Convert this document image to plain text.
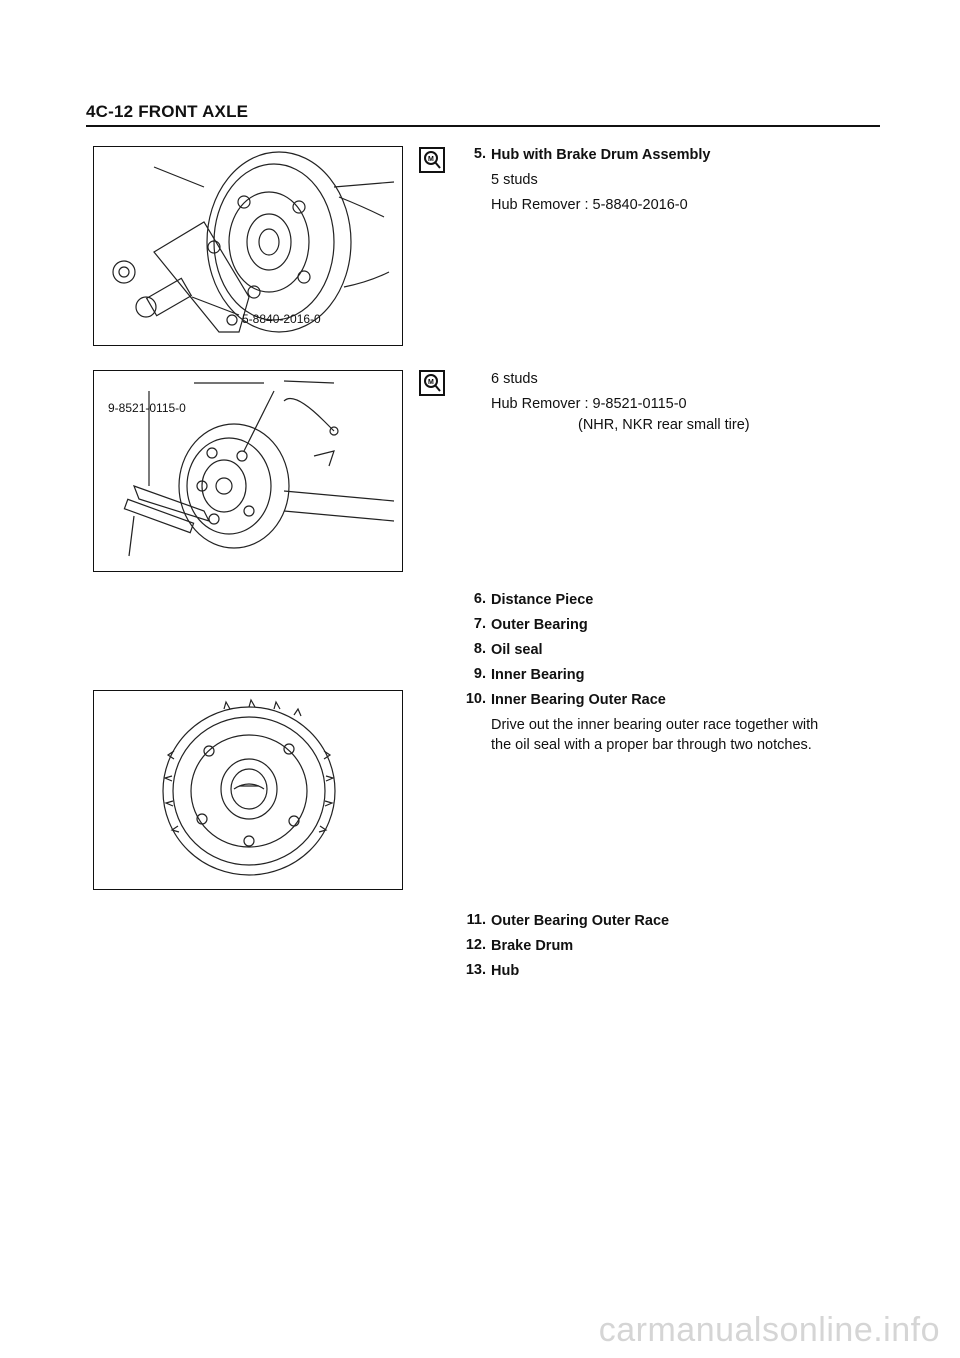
4C-12 FRONT AXLE
5-8840-2016-0
9-8521-0115-0
M
M
5. Hub with Brake Drum Assembly
5 studs
Hub Remover : 5-8840-2016-0
6 studs
Hub Remover : 9-8521-0115-0
(NHR, NKR rear small tire)
6. Distance Piece
7. Outer Bearing
8. Oil seal
9. Inner Bearing
10. Inner Bearing Outer Race
Drive out the inner bearing outer race together with
the oil seal with a proper bar through two notches.
11. Outer Bearing Outer Race
12. Brake Drum
13. Hub
carmanualsonline.info
